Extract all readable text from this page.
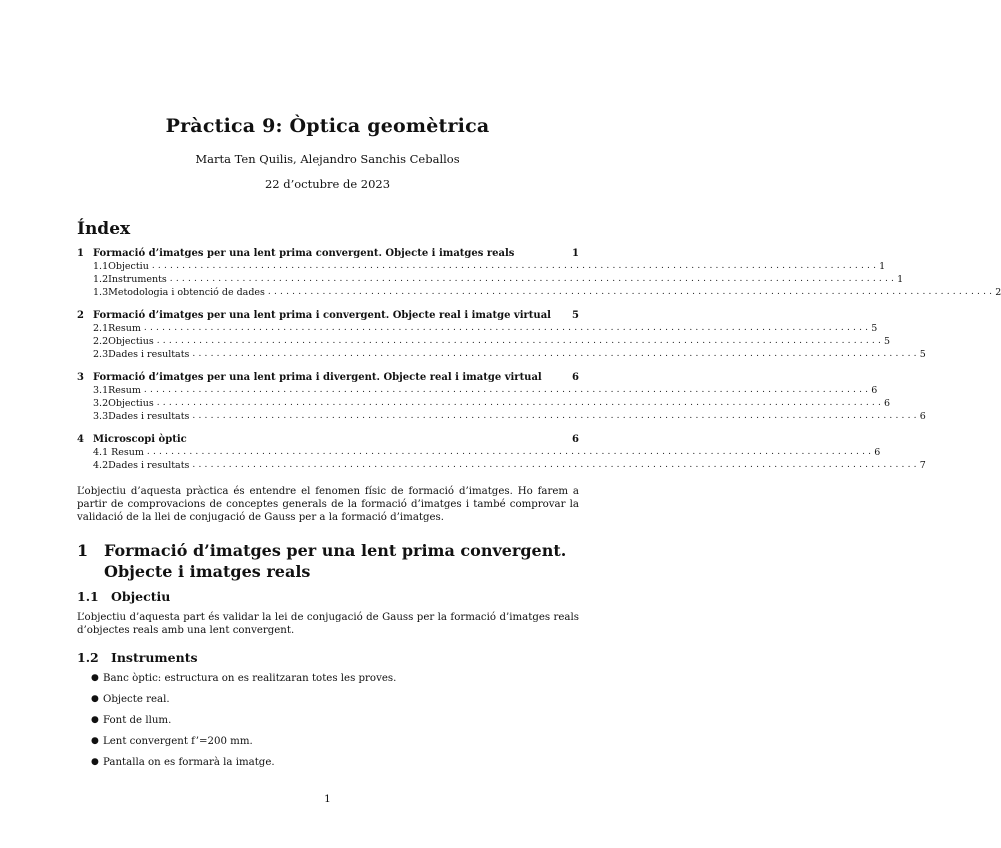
Pràctica 9: Òptica geomètrica
Marta Ten Quilis, Alejandro Sanchis Ceballos
22 d’octubre de 2023
Índex
1 Formació d’imatges per una lent prima convergent. Objecte i imatges reals	1
1.1 Objectiu ........................................................................................................................ 1
1.2 Instruments ........................................................................................................................ 1
1.3 Metodologia i obtenció de dades ........................................................................................................................ 2
2 Formació d’imatges per una lent prima i convergent. Objecte real i imatge virtual	5
2.1 Resum ........................................................................................................................ 5
2.2 Objectius ........................................................................................................................ 5
2.3 Dades i resultats ........................................................................................................................ 5
3 Formació d’imatges per una lent prima i divergent. Objecte real i imatge virtual	6
3.1 Resum ........................................................................................................................ 6
3.2 Objectius ........................................................................................................................ 6
3.3 Dades i resultats ........................................................................................................................ 6
4 Microscopi òptic	6
4.1 Resum ........................................................................................................................ 6
4.2 Dades i resultats ........................................................................................................................ 7
L’objectiu d’aquesta pràctica és entendre el fenomen físic de formació d’imatges. Ho farem a partir de comprovacions de conceptes generals de la formació d’imatges i també comprovar la validació de la llei de conjugació de Gauss per a la formació d’imatges.
1 Formació d’imatges per una lent prima convergent. Objecte i imatges reals
1.1 Objectiu
L’objectiu d’aquesta part és validar la lei de conjugació de Gauss per la formació d’imatges reals d’objectes reals amb una lent convergent.
1.2 Instruments
● Banc òptic: estructura on es realitzaran totes les proves.
● Objecte real.
● Font de llum.
● Lent convergent f’=200 mm.
● Pantalla on es formarà la imatge.
1
